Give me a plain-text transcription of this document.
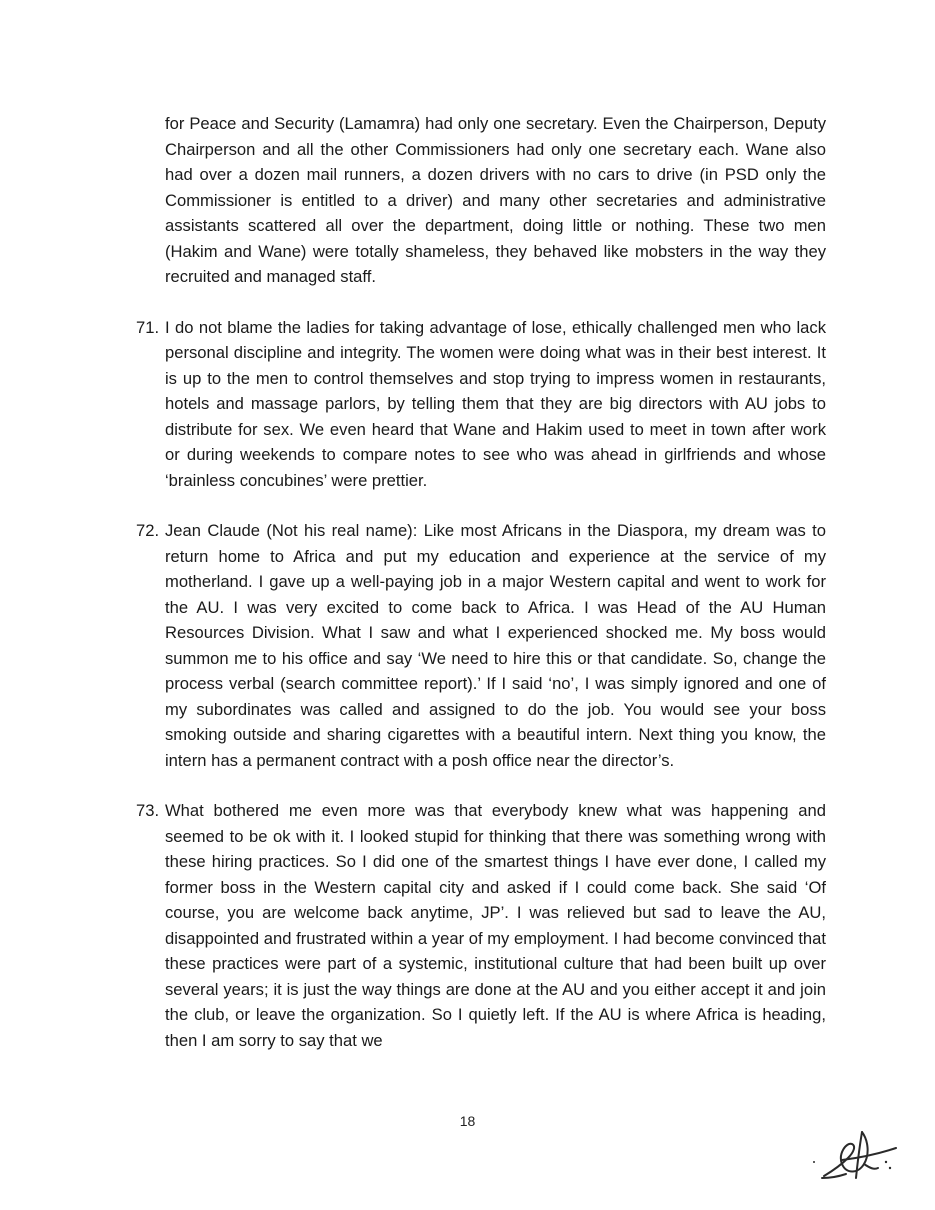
for Peace and Security (Lamamra) had only one secretary. Even the Chairperson, Deputy Chairperson and all the other Commissioners had only one secretary each. Wane also had over a dozen mail runners, a dozen drivers with no cars to drive (in PSD only the Commissioner is entitled to a driver) and many other secretaries and administrative assistants scattered all over the department, doing little or nothing. These two men (Hakim and Wane) were totally shameless, they behaved like mobsters in the way they recruited and managed staff.

71. I do not blame the ladies for taking advantage of lose, ethically challenged men who lack personal discipline and integrity. The women were doing what was in their best interest. It is up to the men to control themselves and stop trying to impress women in restaurants, hotels and massage parlors, by telling them that they are big directors with AU jobs to distribute for sex. We even heard that Wane and Hakim used to meet in town after work or during weekends to compare notes to see who was ahead in girlfriends and whose ‘brainless concubines’ were prettier.

72. Jean Claude (Not his real name): Like most Africans in the Diaspora, my dream was to return home to Africa and put my education and experience at the service of my motherland. I gave up a well-paying job in a major Western capital and went to work for the AU. I was very excited to come back to Africa. I was Head of the AU Human Resources Division. What I saw and what I experienced shocked me. My boss would summon me to his office and say ‘We need to hire this or that candidate. So, change the process verbal (search committee report).’ If I said ‘no’, I was simply ignored and one of my subordinates was called and assigned to do the job. You would see your boss smoking outside and sharing cigarettes with a beautiful intern. Next thing you know, the intern has a permanent contract with a posh office near the director’s.

73. What bothered me even more was that everybody knew what was happening and seemed to be ok with it. I looked stupid for thinking that there was something wrong with these hiring practices. So I did one of the smartest things I have ever done, I called my former boss in the Western capital city and asked if I could come back. She said ‘Of course, you are welcome back anytime, JP’. I was relieved but sad to leave the AU, disappointed and frustrated within a year of my employment. I had become convinced that these practices were part of a systemic, institutional culture that had been built up over several years; it is just the way things are done at the AU and you either accept it and join the club, or leave the organization. So I quietly left. If the AU is where Africa is heading, then I am sorry to say that we

18
